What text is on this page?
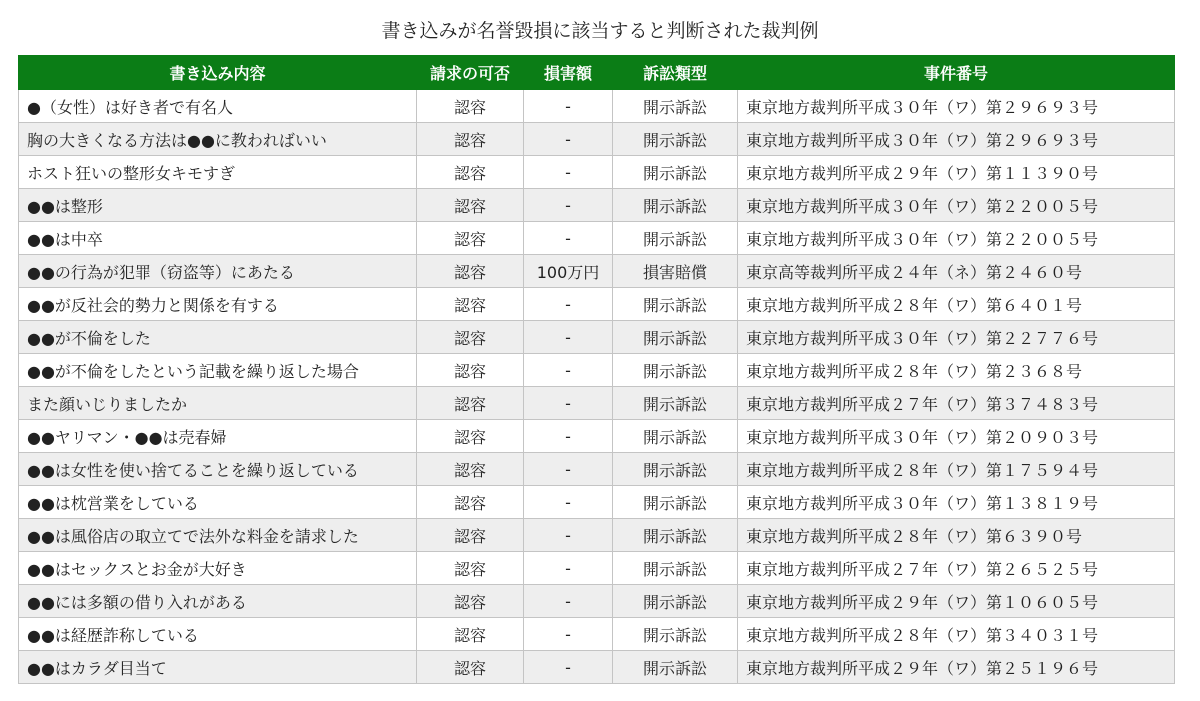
書き込みが名誉毀損に該当すると判断された裁判例
書き込み内容	請求の可否	損害額	訴訟類型	事件番号
●（女性）は好き者で有名人	認容	-	開示訴訟	東京地方裁判所平成３０年（ワ）第２９６９３号
胸の大きくなる方法は●●に教わればいい	認容	-	開示訴訟	東京地方裁判所平成３０年（ワ）第２９６９３号
ホスト狂いの整形女キモすぎ	認容	-	開示訴訟	東京地方裁判所平成２９年（ワ）第１１３９０号
●●は整形	認容	-	開示訴訟	東京地方裁判所平成３０年（ワ）第２２００５号
●●は中卒	認容	-	開示訴訟	東京地方裁判所平成３０年（ワ）第２２００５号
●●の行為が犯罪（窃盗等）にあたる	認容	100万円	損害賠償	東京高等裁判所平成２４年（ネ）第２４６０号
●●が反社会的勢力と関係を有する	認容	-	開示訴訟	東京地方裁判所平成２８年（ワ）第６４０１号
●●が不倫をした	認容	-	開示訴訟	東京地方裁判所平成３０年（ワ）第２２７７６号
●●が不倫をしたという記載を繰り返した場合	認容	-	開示訴訟	東京地方裁判所平成２８年（ワ）第２３６８号
また顔いじりましたか	認容	-	開示訴訟	東京地方裁判所平成２７年（ワ）第３７４８３号
●●ヤリマン・●●は売春婦	認容	-	開示訴訟	東京地方裁判所平成３０年（ワ）第２０９０３号
●●は女性を使い捨てることを繰り返している	認容	-	開示訴訟	東京地方裁判所平成２８年（ワ）第１７５９４号
●●は枕営業をしている	認容	-	開示訴訟	東京地方裁判所平成３０年（ワ）第１３８１９号
●●は風俗店の取立てで法外な料金を請求した	認容	-	開示訴訟	東京地方裁判所平成２８年（ワ）第６３９０号
●●はセックスとお金が大好き	認容	-	開示訴訟	東京地方裁判所平成２７年（ワ）第２６５２５号
●●には多額の借り入れがある	認容	-	開示訴訟	東京地方裁判所平成２９年（ワ）第１０６０５号
●●は経歴詐称している	認容	-	開示訴訟	東京地方裁判所平成２８年（ワ）第３４０３１号
●●はカラダ目当て	認容	-	開示訴訟	東京地方裁判所平成２９年（ワ）第２５１９６号
